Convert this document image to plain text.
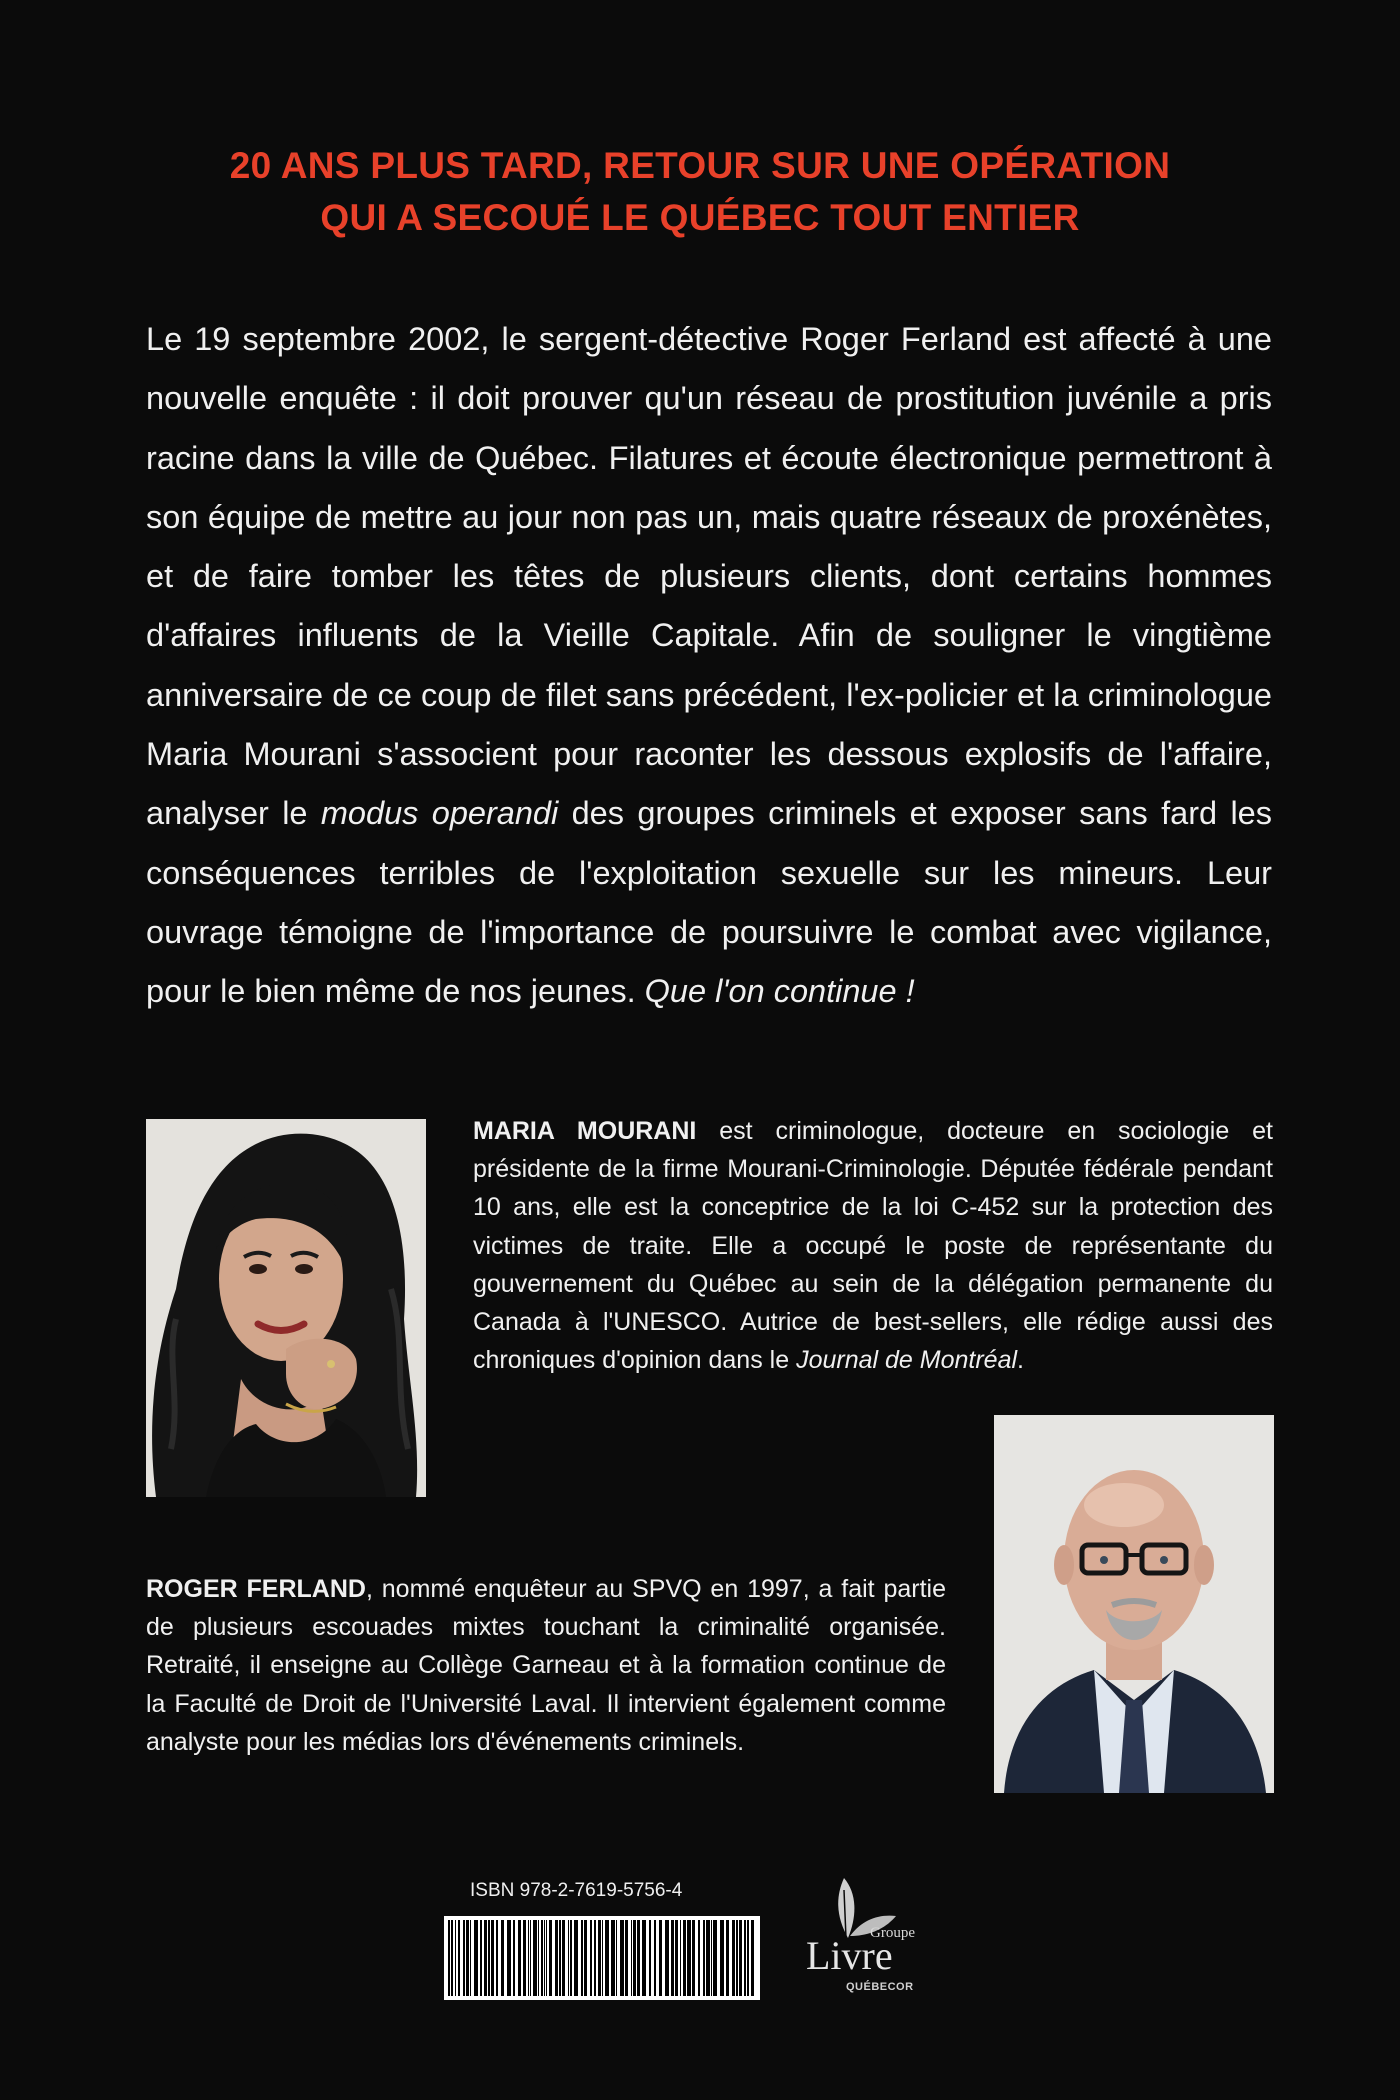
20 ANS PLUS TARD, RETOUR SUR UNE OPÉRATION
QUI A SECOUÉ LE QUÉBEC TOUT ENTIER
Le 19 septembre 2002, le sergent-détective Roger Ferland est affecté à une nouvelle enquête : il doit prouver qu'un réseau de prostitution juvénile a pris racine dans la ville de Québec. Filatures et écoute électronique permettront à son équipe de mettre au jour non pas un, mais quatre réseaux de proxénètes, et de faire tomber les têtes de plusieurs clients, dont certains hommes d'affaires influents de la Vieille Capitale. Afin de souligner le vingtième anniversaire de ce coup de filet sans précédent, l'ex-policier et la criminologue Maria Mourani s'associent pour raconter les dessous explosifs de l'affaire, analyser le modus operandi des groupes criminels et exposer sans fard les conséquences terribles de l'exploitation sexuelle sur les mineurs. Leur ouvrage témoigne de l'importance de poursuivre le combat avec vigilance, pour le bien même de nos jeunes. Que l'on continue !
MARIA MOURANI est criminologue, docteure en sociologie et présidente de la firme Mourani-Criminologie. Députée fédérale pendant 10 ans, elle est la conceptrice de la loi C-452 sur la protection des victimes de traite. Elle a occupé le poste de représentante du gouvernement du Québec au sein de la délégation permanente du Canada à l'UNESCO. Autrice de best-sellers, elle rédige aussi des chroniques d'opinion dans le Journal de Montréal.
ROGER FERLAND, nommé enquêteur au SPVQ en 1997, a fait partie de plusieurs escouades mixtes touchant la criminalité organisée. Retraité, il enseigne au Collège Garneau et à la formation continue de la Faculté de Droit de l'Université Laval. Il intervient également comme analyste pour les médias lors d'événements criminels.
ISBN 978-2-7619-5756-4
Groupe
Livre
QUÉBECOR
